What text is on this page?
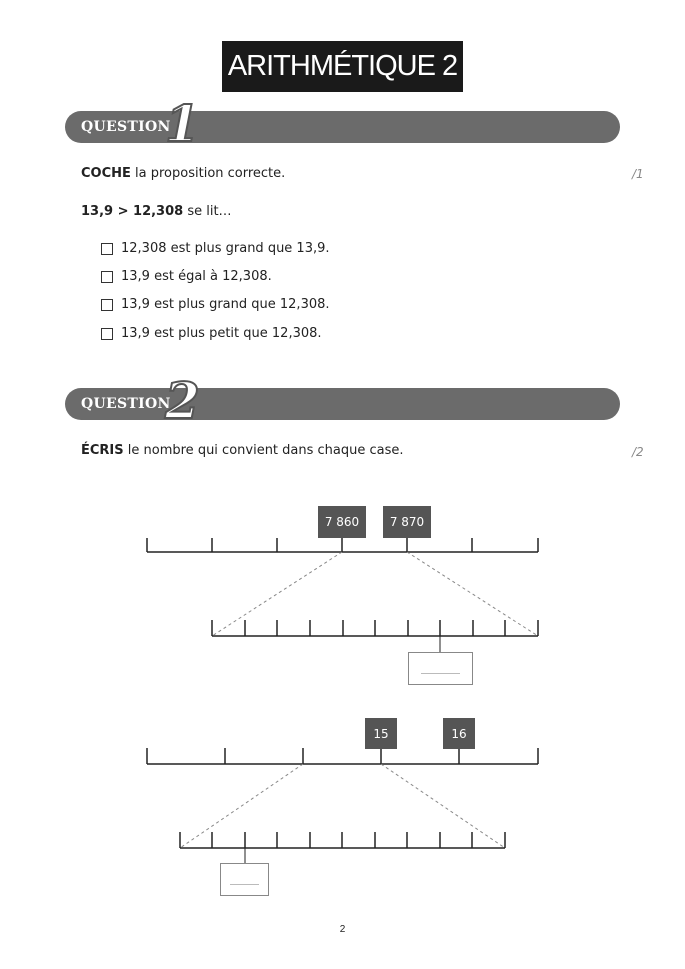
ARITHMÉTIQUE 2
QUESTION
1
COCHE la proposition correcte.	/1
13,9 > 12,308 se lit…
12,308 est plus grand que 13,9.
13,9 est égal à 12,308.
13,9 est plus grand que 12,308.
13,9 est plus petit que 12,308.
QUESTION
2
ÉCRIS le nombre qui convient dans chaque case.	/2
7 860	7 870
15	16
2
